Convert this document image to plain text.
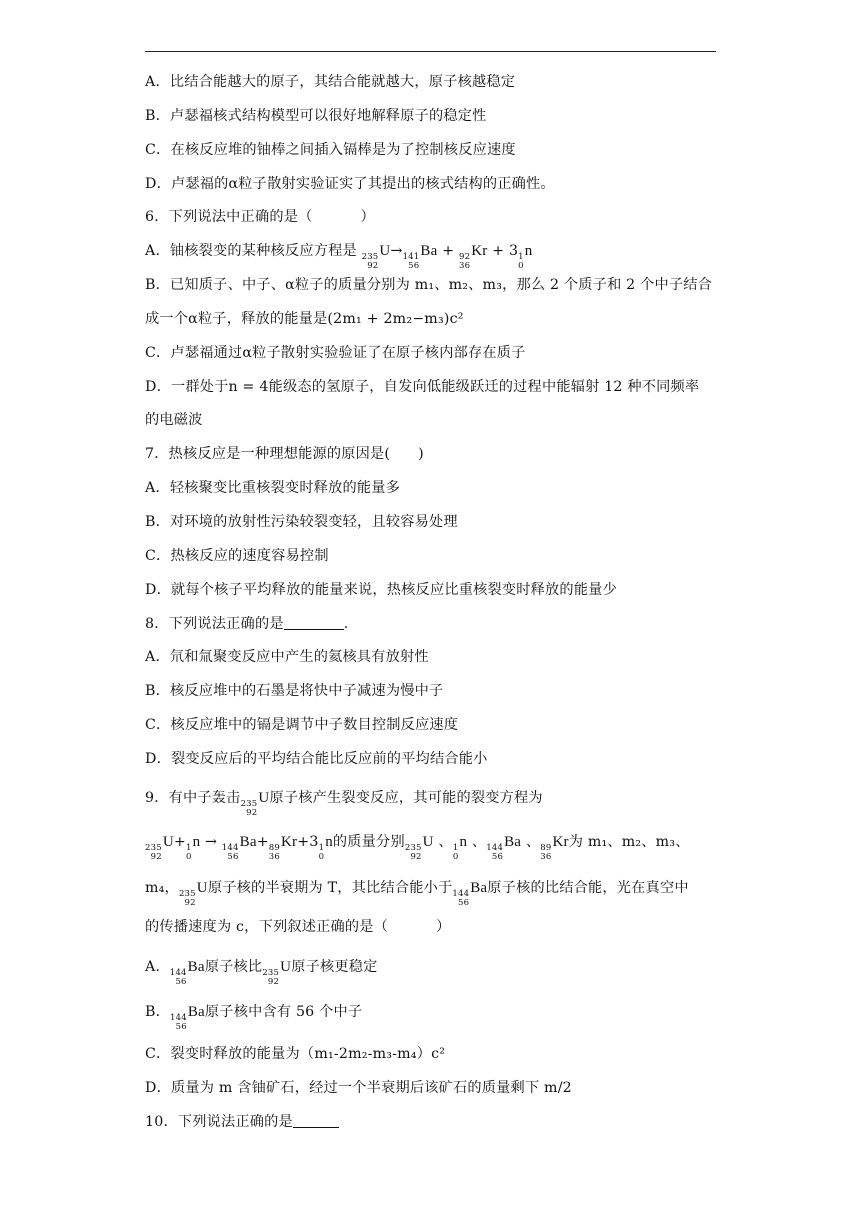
A．比结合能越大的原子，其结合能就越大，原子核越稳定
B．卢瑟福核式结构模型可以很好地解释原子的稳定性
C．在核反应堆的铀棒之间插入镉棒是为了控制核反应速度
D．卢瑟福的α粒子散射实验证实了其提出的核式结构的正确性。
6．下列说法中正确的是（	）
A．铀核裂变的某种核反应方程是 235
92
U→ 141
56
Ba + 92
36
Kr + 3 1
0
n
B．已知质子、中子、α粒子的质量分别为 m₁、m₂、m₃，那么 2 个质子和 2 个中子结合
成一个α粒子，释放的能量是(2m₁ + 2m₂−m₃)c²
C．卢瑟福通过α粒子散射实验验证了在原子核内部存在质子
D．一群处于n = 4能级态的氢原子，自发向低能级跃迁的过程中能辐射 12 种不同频率
的电磁波
7．热核反应是一种理想能源的原因是( )
A．轻核聚变比重核裂变时释放的能量多
B．对环境的放射性污染较裂变轻，且较容易处理
C．热核反应的速度容易控制
D．就每个核子平均释放的能量来说，热核反应比重核裂变时释放的能量少
8．下列说法正确的是	.
A．氘和氚聚变反应中产生的氦核具有放射性
B．核反应堆中的石墨是将快中子减速为慢中子
C．核反应堆中的镉是调节中子数目控制反应速度
D．裂变反应后的平均结合能比反应前的平均结合能小
9．有中子轰击 235
92
U原子核产生裂变反应，其可能的裂变方程为
235
92
U+ 1
0
n → 144
56
Ba+ 89
36
Kr+3 1
0
n的质量分别 235
92
U 、 1
0
n 、 144
56
Ba 、 89
36
Kr为 m₁、m₂、m₃、
m₄， 235
92
U原子核的半衰期为 T，其比结合能小于 144
56
Ba原子核的比结合能，光在真空中
的传播速度为 c，下列叙述正确的是（	）
A． 144
56
Ba原子核比 235
92
U原子核更稳定
B． 144
56
Ba原子核中含有 56 个中子
C．裂变时释放的能量为（m₁-2m₂-m₃-m₄）c²
D．质量为 m 含铀矿石，经过一个半衰期后该矿石的质量剩下 m/2
10．下列说法正确的是
